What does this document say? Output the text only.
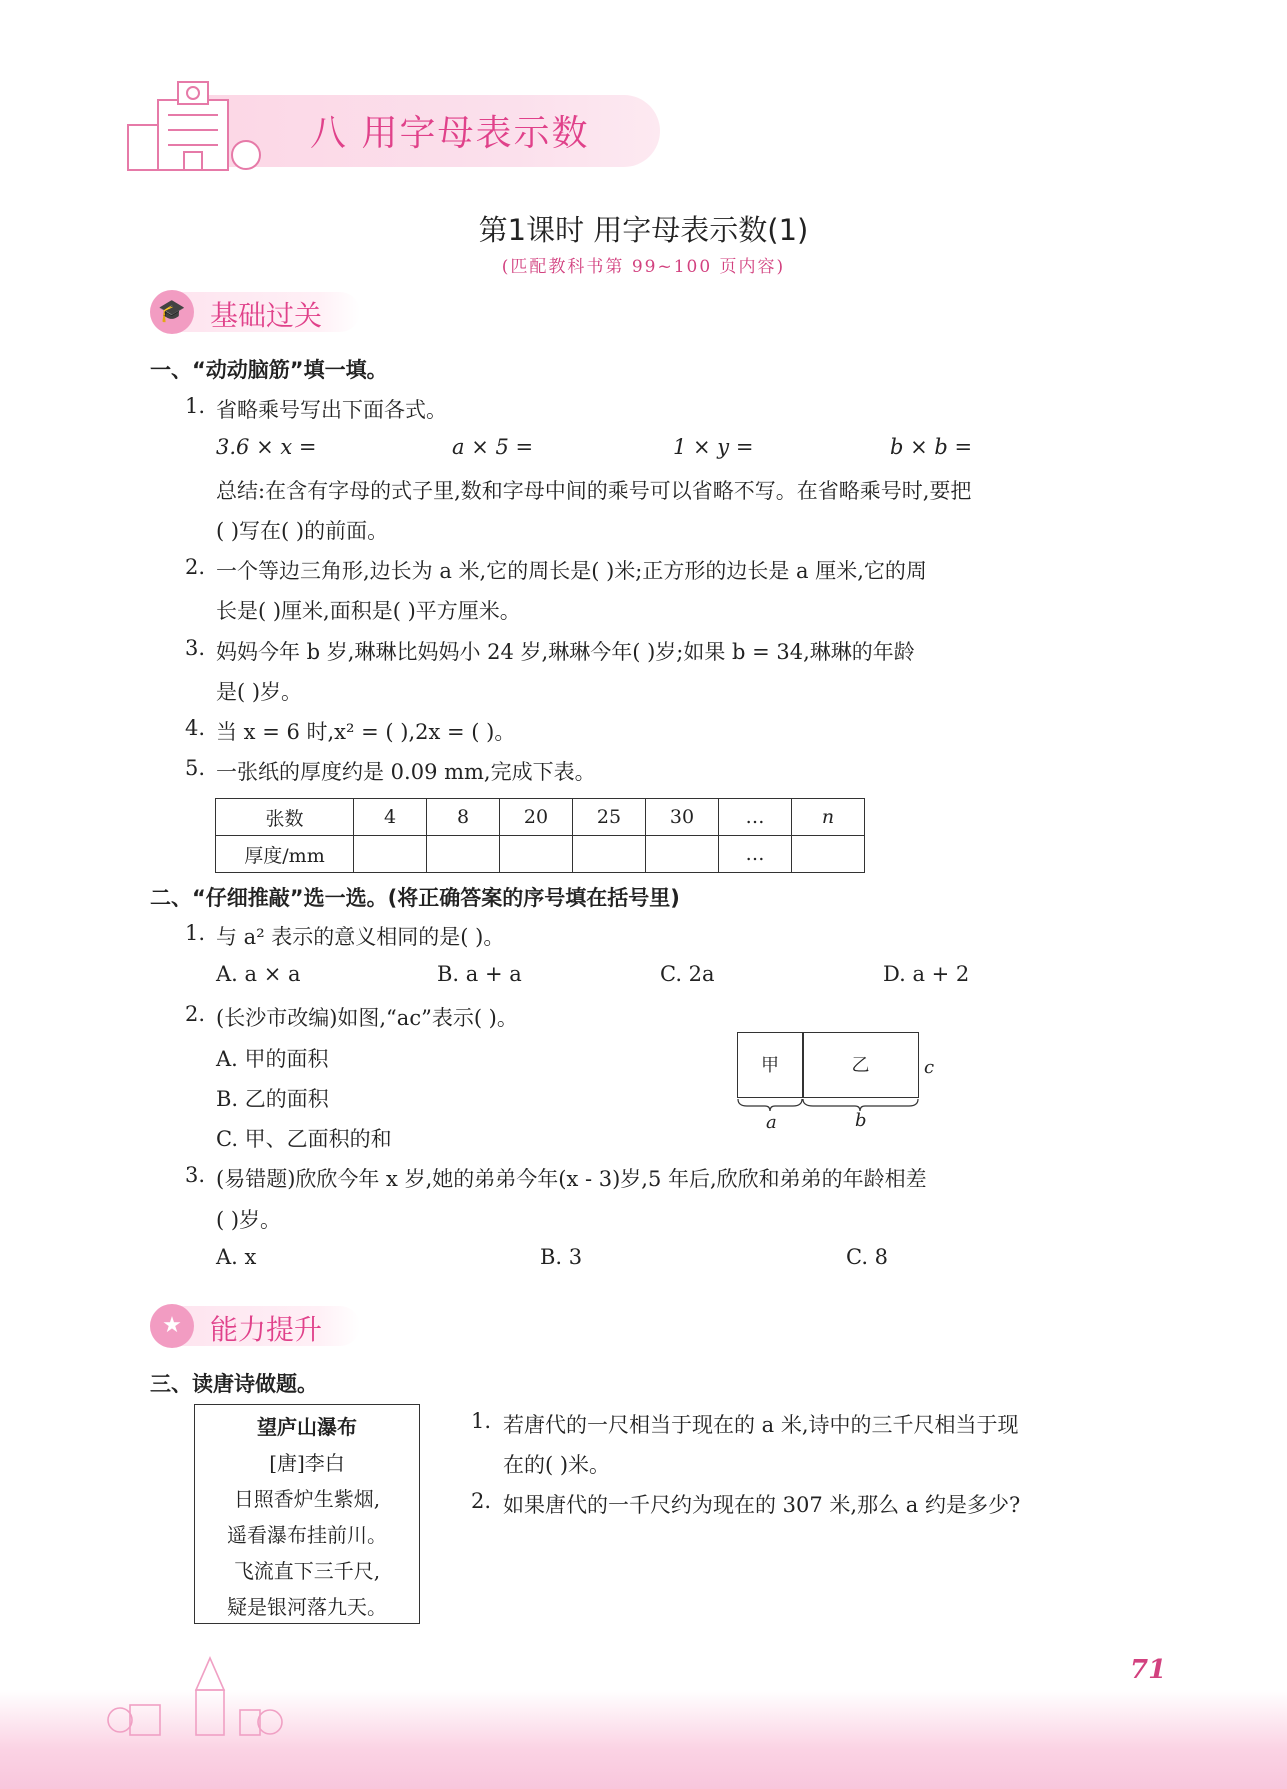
八 用字母表示数
第1课时 用字母表示数(1)
(匹配教科书第 99~100 页内容)
🎓 基础过关
一、“动动脑筋”填一填。
1. 省略乘号写出下面各式。
3.6 × x =	a × 5 =	1 × y =	b × b =
总结:在含有字母的式子里,数和字母中间的乘号可以省略不写。在省略乘号时,要把
( )写在( )的前面。
2. 一个等边三角形,边长为 a 米,它的周长是( )米;正方形的边长是 a 厘米,它的周
长是( )厘米,面积是( )平方厘米。
3. 妈妈今年 b 岁,琳琳比妈妈小 24 岁,琳琳今年( )岁;如果 b = 34,琳琳的年龄
是( )岁。
4. 当 x = 6 时,x² = ( ),2x = ( )。
5. 一张纸的厚度约是 0.09 mm,完成下表。
张数	4	8	20	25	30	…	n
厚度/mm						…	
二、“仔细推敲”选一选。(将正确答案的序号填在括号里)
1. 与 a² 表示的意义相同的是( )。
A. a × a	B. a + a	C. 2a	D. a + 2
2. (长沙市改编)如图,“ac”表示( )。
A. 甲的面积
B. 乙的面积
C. 甲、乙面积的和
甲	乙	c
a	b
3. (易错题)欣欣今年 x 岁,她的弟弟今年(x - 3)岁,5 年后,欣欣和弟弟的年龄相差
( )岁。
A. x	B. 3	C. 8
★	能力提升
三、读唐诗做题。
望庐山瀑布
[唐]李白
日照香炉生紫烟,
遥看瀑布挂前川。
飞流直下三千尺,
疑是银河落九天。
1. 若唐代的一尺相当于现在的 a 米,诗中的三千尺相当于现
在的( )米。
2. 如果唐代的一千尺约为现在的 307 米,那么 a 约是多少?
71
